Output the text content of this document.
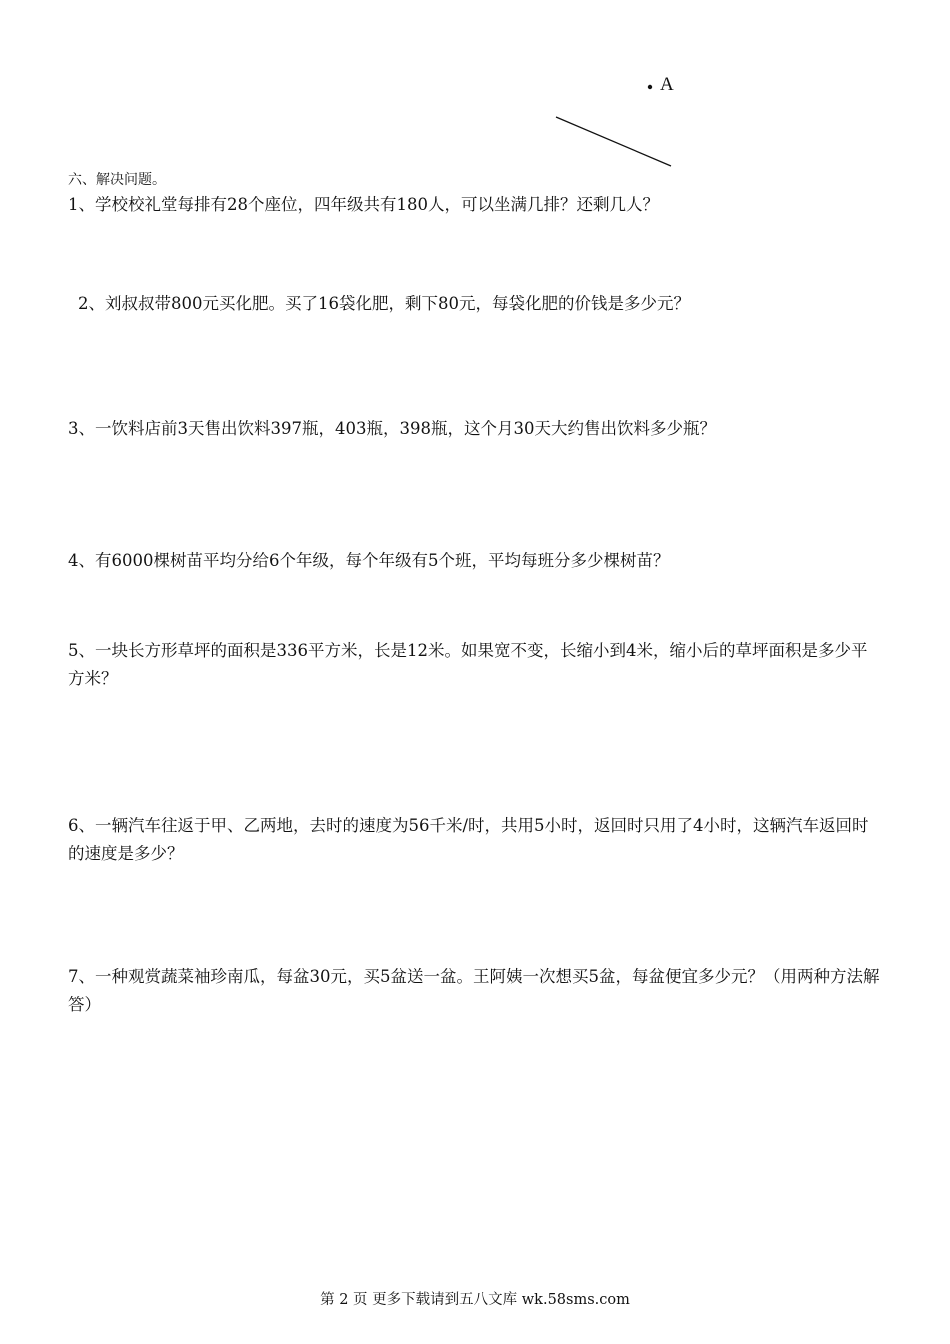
A
六、解决问题。
1、学校校礼堂每排有28个座位，四年级共有180人，可以坐满几排？还剩几人？
2、刘叔叔带800元买化肥。买了16袋化肥，剩下80元，每袋化肥的价钱是多少元？
3、一饮料店前3天售出饮料397瓶，403瓶，398瓶，这个月30天大约售出饮料多少瓶？
4、有6000棵树苗平均分给6个年级，每个年级有5个班，平均每班分多少棵树苗？
5、一块长方形草坪的面积是336平方米，长是12米。如果宽不变，长缩小到4米，缩小后的草坪面积是多少平方米？
6、一辆汽车往返于甲、乙两地，去时的速度为56千米/时，共用5小时，返回时只用了4小时，这辆汽车返回时的速度是多少？
7、一种观赏蔬菜袖珍南瓜，每盆30元，买5盆送一盆。王阿姨一次想买5盆，每盆便宜多少元？（用两种方法解答）
第 2 页 更多下载请到五八文库 wk.58sms.com
